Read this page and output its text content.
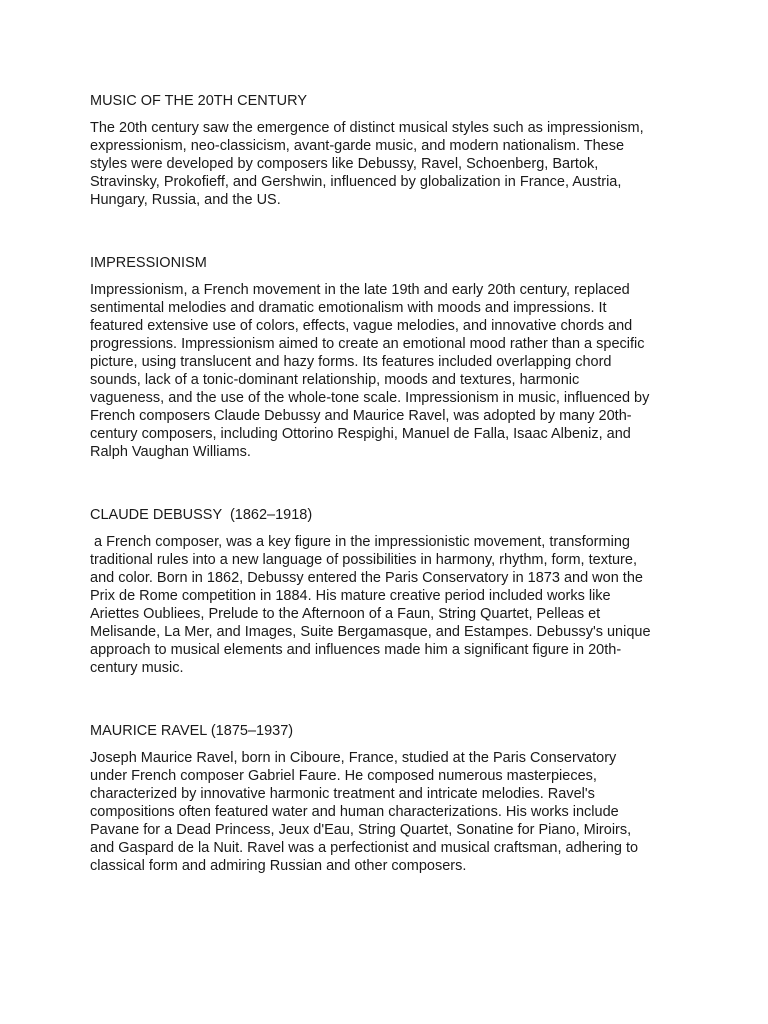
MUSIC OF THE 20TH CENTURY

The 20th century saw the emergence of distinct musical styles such as impressionism,
expressionism, neo-classicism, avant-garde music, and modern nationalism. These
styles were developed by composers like Debussy, Ravel, Schoenberg, Bartok,
Stravinsky, Prokofieff, and Gershwin, influenced by globalization in France, Austria,
Hungary, Russia, and the US.

IMPRESSIONISM

Impressionism, a French movement in the late 19th and early 20th century, replaced
sentimental melodies and dramatic emotionalism with moods and impressions. It
featured extensive use of colors, effects, vague melodies, and innovative chords and
progressions. Impressionism aimed to create an emotional mood rather than a specific
picture, using translucent and hazy forms. Its features included overlapping chord
sounds, lack of a tonic-dominant relationship, moods and textures, harmonic
vagueness, and the use of the whole-tone scale. Impressionism in music, influenced by
French composers Claude Debussy and Maurice Ravel, was adopted by many 20th-
century composers, including Ottorino Respighi, Manuel de Falla, Isaac Albeniz, and
Ralph Vaughan Williams.

CLAUDE DEBUSSY  (1862–1918)

a French composer, was a key figure in the impressionistic movement, transforming
traditional rules into a new language of possibilities in harmony, rhythm, form, texture,
and color. Born in 1862, Debussy entered the Paris Conservatory in 1873 and won the
Prix de Rome competition in 1884. His mature creative period included works like
Ariettes Oubliees, Prelude to the Afternoon of a Faun, String Quartet, Pelleas et
Melisande, La Mer, and Images, Suite Bergamasque, and Estampes. Debussy's unique
approach to musical elements and influences made him a significant figure in 20th-
century music.

MAURICE RAVEL (1875–1937)

Joseph Maurice Ravel, born in Ciboure, France, studied at the Paris Conservatory
under French composer Gabriel Faure. He composed numerous masterpieces,
characterized by innovative harmonic treatment and intricate melodies. Ravel's
compositions often featured water and human characterizations. His works include
Pavane for a Dead Princess, Jeux d'Eau, String Quartet, Sonatine for Piano, Miroirs,
and Gaspard de la Nuit. Ravel was a perfectionist and musical craftsman, adhering to
classical form and admiring Russian and other composers.
